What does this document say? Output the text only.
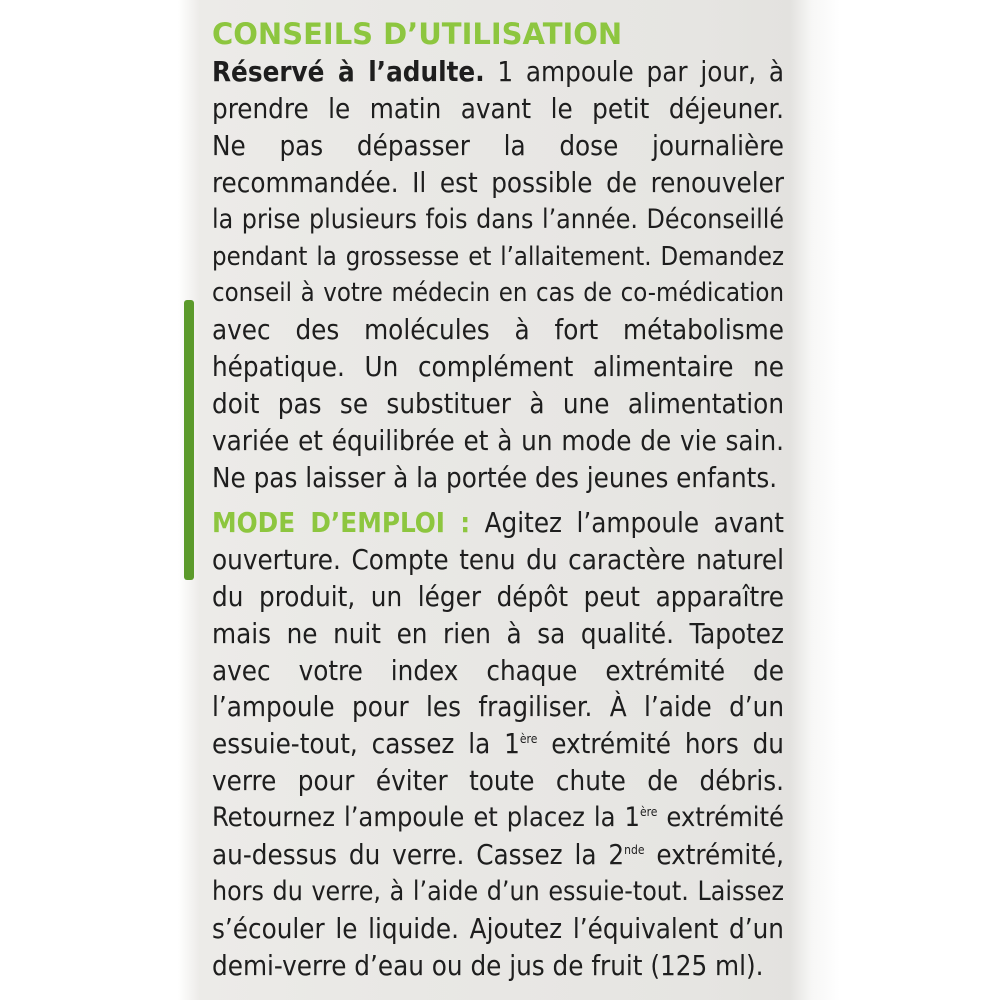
CONSEILS D’UTILISATION
Réservé à l’adulte. 1 ampoule par jour, à
prendre le matin avant le petit déjeuner.
Ne pas dépasser la dose journalière
recommandée. Il est possible de renouveler
la prise plusieurs fois dans l’année. Déconseillé
pendant la grossesse et l’allaitement. Demandez
conseil à votre médecin en cas de co-médication
avec des molécules à fort métabolisme
hépatique. Un complément alimentaire ne
doit pas se substituer à une alimentation
variée et équilibrée et à un mode de vie sain.
Ne pas laisser à la portée des jeunes enfants.
MODE D’EMPLOI : Agitez l’ampoule avant
ouverture. Compte tenu du caractère naturel
du produit, un léger dépôt peut apparaître
mais ne nuit en rien à sa qualité. Tapotez
avec votre index chaque extrémité de
l’ampoule pour les fragiliser. À l’aide d’un
essuie-tout, cassez la 1ère extrémité hors du
verre pour éviter toute chute de débris.
Retournez l’ampoule et placez la 1ère extrémité
au-dessus du verre. Cassez la 2nde extrémité,
hors du verre, à l’aide d’un essuie-tout. Laissez
s’écouler le liquide. Ajoutez l’équivalent d’un
demi-verre d’eau ou de jus de fruit (125 ml).
